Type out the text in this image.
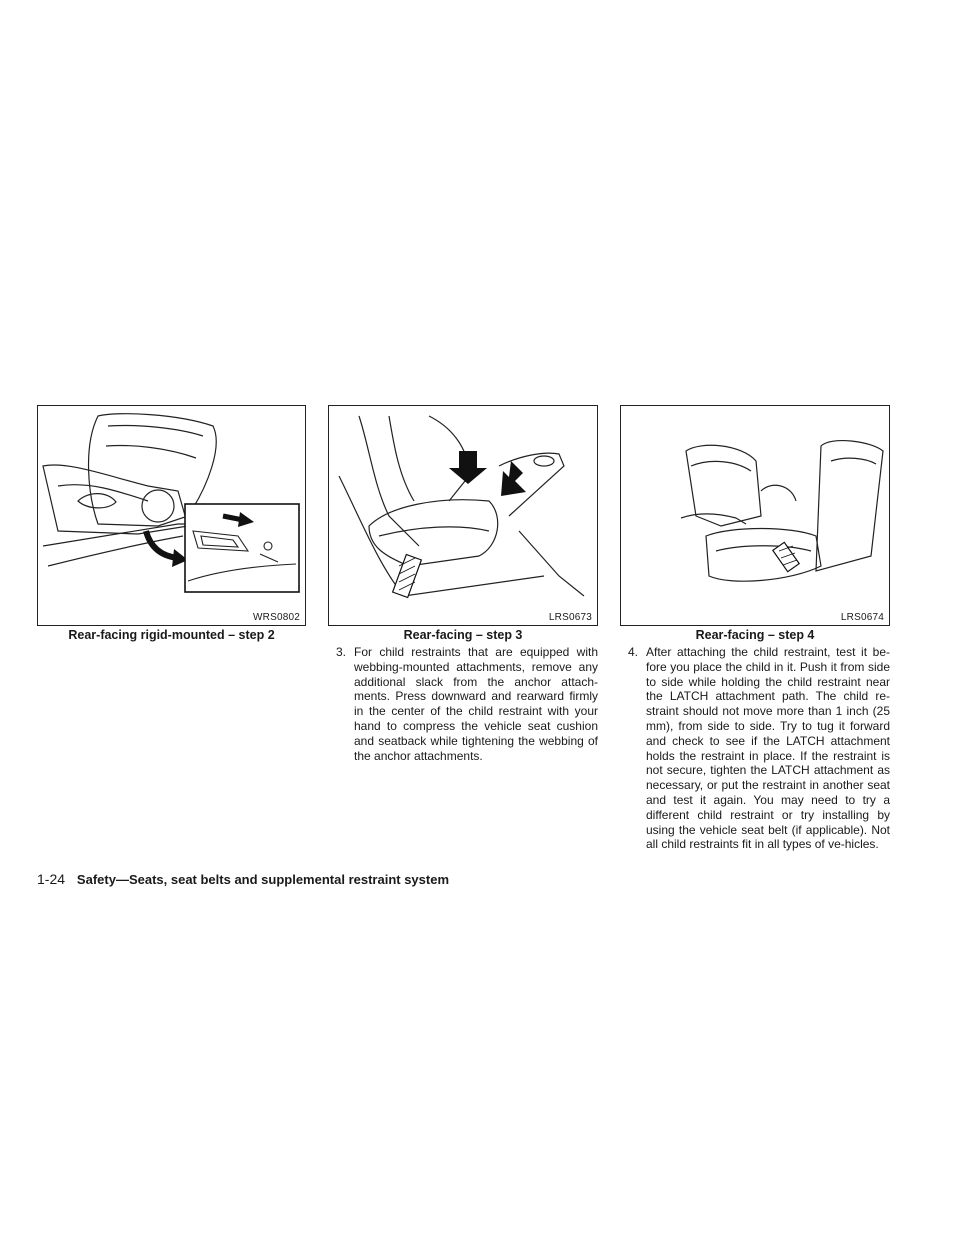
WRS0802	LRS0673	LRS0674
Rear-facing rigid-mounted – step 2	Rear-facing – step 3	Rear-facing – step 4
3. For child restraints that are equipped with webbing-mounted attachments, remove any additional slack from the anchor attach-ments. Press downward and rearward firmly in the center of the child restraint with your hand to compress the vehicle seat cushion and seatback while tightening the webbing of the anchor attachments.
4. After attaching the child restraint, test it be-fore you place the child in it. Push it from side to side while holding the child restraint near the LATCH attachment path. The child re-straint should not move more than 1 inch (25 mm), from side to side. Try to tug it forward and check to see if the LATCH attachment holds the restraint in place. If the restraint is not secure, tighten the LATCH attachment as necessary, or put the restraint in another seat and test it again. You may need to try a different child restraint or try installing by using the vehicle seat belt (if applicable). Not all child restraints fit in all types of ve-hicles.
1-24 Safety—Seats, seat belts and supplemental restraint system
